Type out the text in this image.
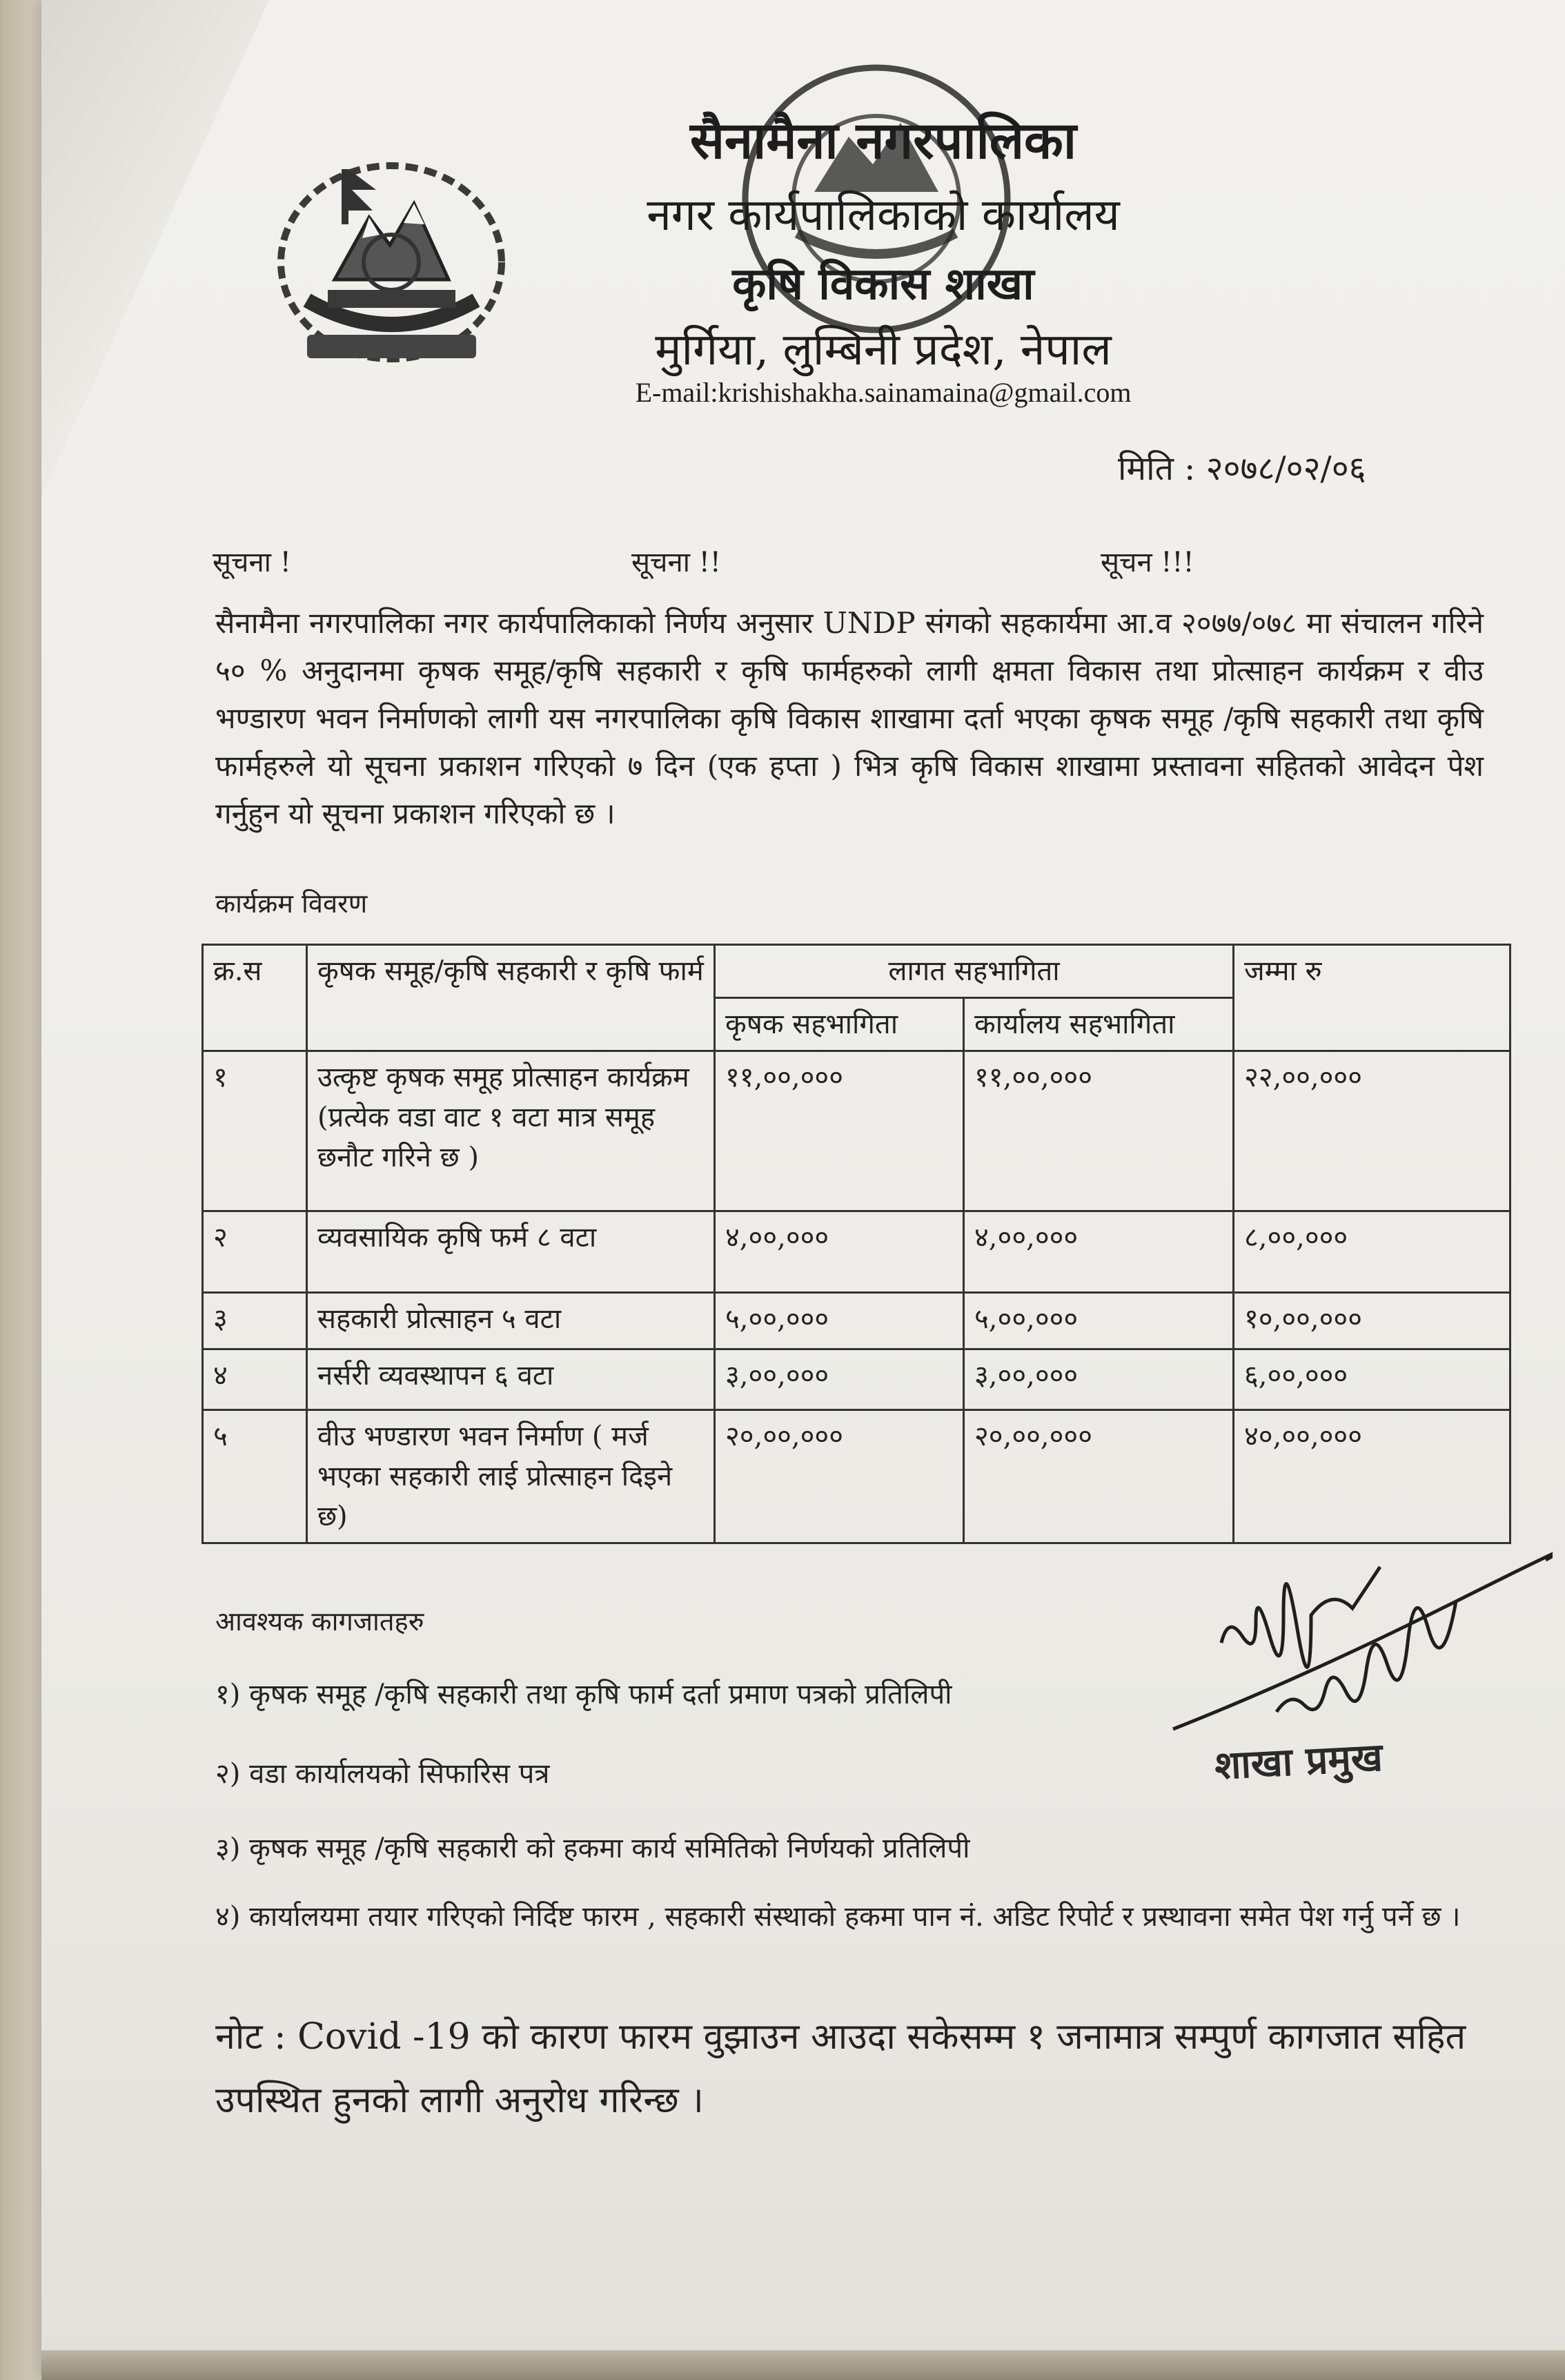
सैनामैना नगरपालिका
नगर कार्यपालिकाको कार्यालय
कृषि विकास शाखा
मुर्गिया, लुम्बिनी प्रदेश, नेपाल
E-mail:krishishakha.sainamaina@gmail.com
मिति : २०७८/०२/०६
सूचना !	सूचना !!	सूचन !!!
सैनामैना नगरपालिका नगर कार्यपालिकाको निर्णय अनुसार UNDP संगको सहकार्यमा आ.व २०७७/०७८ मा संचालन गरिने ५० % अनुदानमा कृषक समूह/कृषि सहकारी र कृषि फार्महरुको लागी क्षमता विकास तथा प्रोत्साहन कार्यक्रम र वीउ भण्डारण भवन निर्माणको लागी यस नगरपालिका कृषि विकास शाखामा दर्ता भएका कृषक समूह /कृषि सहकारी तथा कृषि फार्महरुले यो सूचना प्रकाशन गरिएको ७ दिन (एक हप्ता ) भित्र कृषि विकास शाखामा प्रस्तावना सहितको आवेदन पेश गर्नुहुन यो सूचना प्रकाशन गरिएको छ ।
कार्यक्रम विवरण
क्र.स	कृषक समूह/कृषि सहकारी र कृषि फार्म	लागत सहभागिता		जम्मा रु
		कृषक सहभागिता	कार्यालय सहभागिता	
१	उत्कृष्ट कृषक समूह प्रोत्साहन कार्यक्रम (प्रत्येक वडा वाट १ वटा मात्र समूह छनौट गरिने छ )	११,००,०००	११,००,०००	२२,००,०००
२	व्यवसायिक कृषि फर्म ८ वटा	४,००,०००	४,००,०००	८,००,०००
३	सहकारी प्रोत्साहन ५ वटा	५,००,०००	५,००,०००	१०,००,०००
४	नर्सरी व्यवस्थापन ६ वटा	३,००,०००	३,००,०००	६,००,०००
५	वीउ भण्डारण भवन निर्माण ( मर्ज भएका सहकारी लाई प्रोत्साहन दिइने छ)	२०,००,०००	२०,००,०००	४०,००,०००
आवश्यक कागजातहरु
१) कृषक समूह /कृषि सहकारी तथा कृषि फार्म दर्ता प्रमाण पत्रको प्रतिलिपी
२) वडा कार्यालयको सिफारिस पत्र
३) कृषक समूह /कृषि सहकारी को हकमा कार्य समितिको निर्णयको प्रतिलिपी
४) कार्यालयमा तयार गरिएको निर्दिष्ट फारम , सहकारी संस्थाको हकमा पान नं. अडिट रिपोर्ट र प्रस्थावना समेत पेश गर्नु पर्ने छ ।
नोट : Covid -19 को कारण फारम वुझाउन आउदा सकेसम्म १ जनामात्र सम्पुर्ण कागजात सहित उपस्थित हुनको लागी अनुरोध गरिन्छ ।
शाखा प्रमुख
